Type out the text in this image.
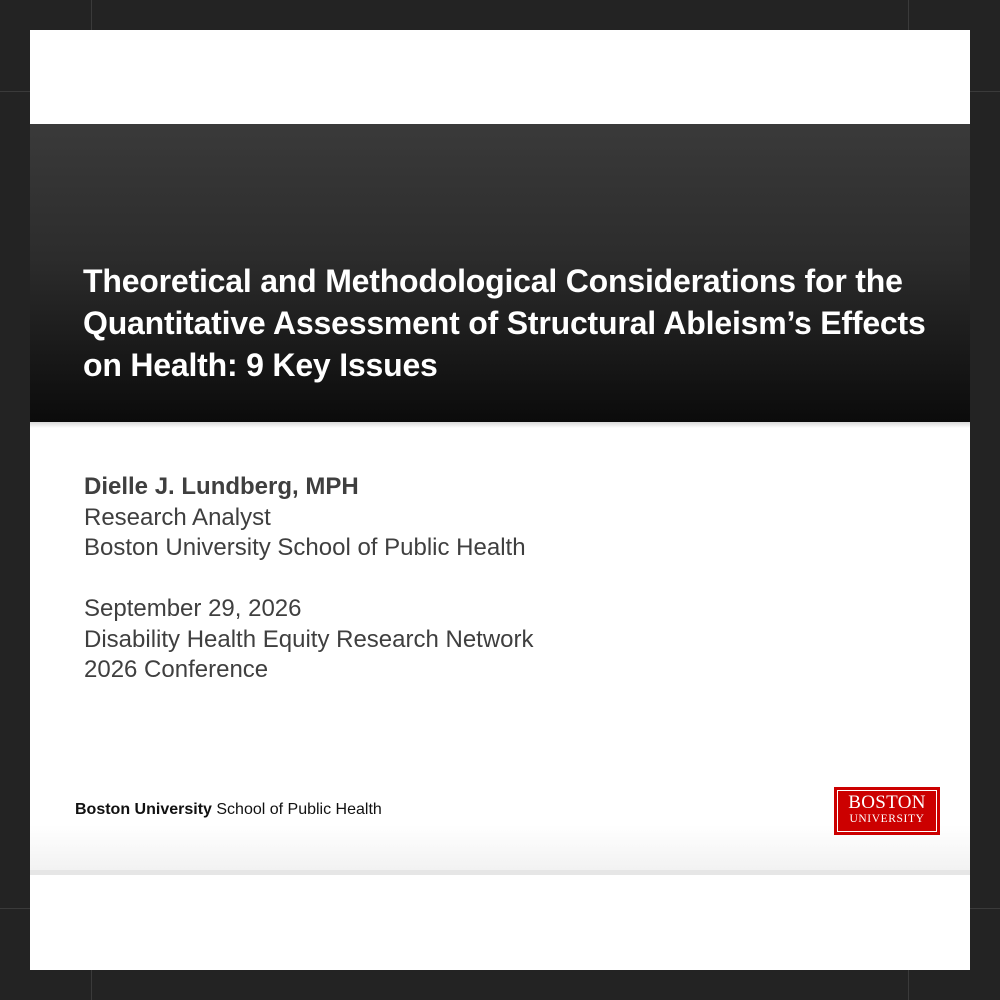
Theoretical and Methodological Considerations for the Quantitative Assessment of Structural Ableism’s Effects on Health: 9 Key Issues
Dielle J. Lundberg, MPH
Research Analyst
Boston University School of Public Health
September 29, 2026
Disability Health Equity Research Network
2026 Conference
Boston University School of Public Health	BOSTON
UNIVERSITY
